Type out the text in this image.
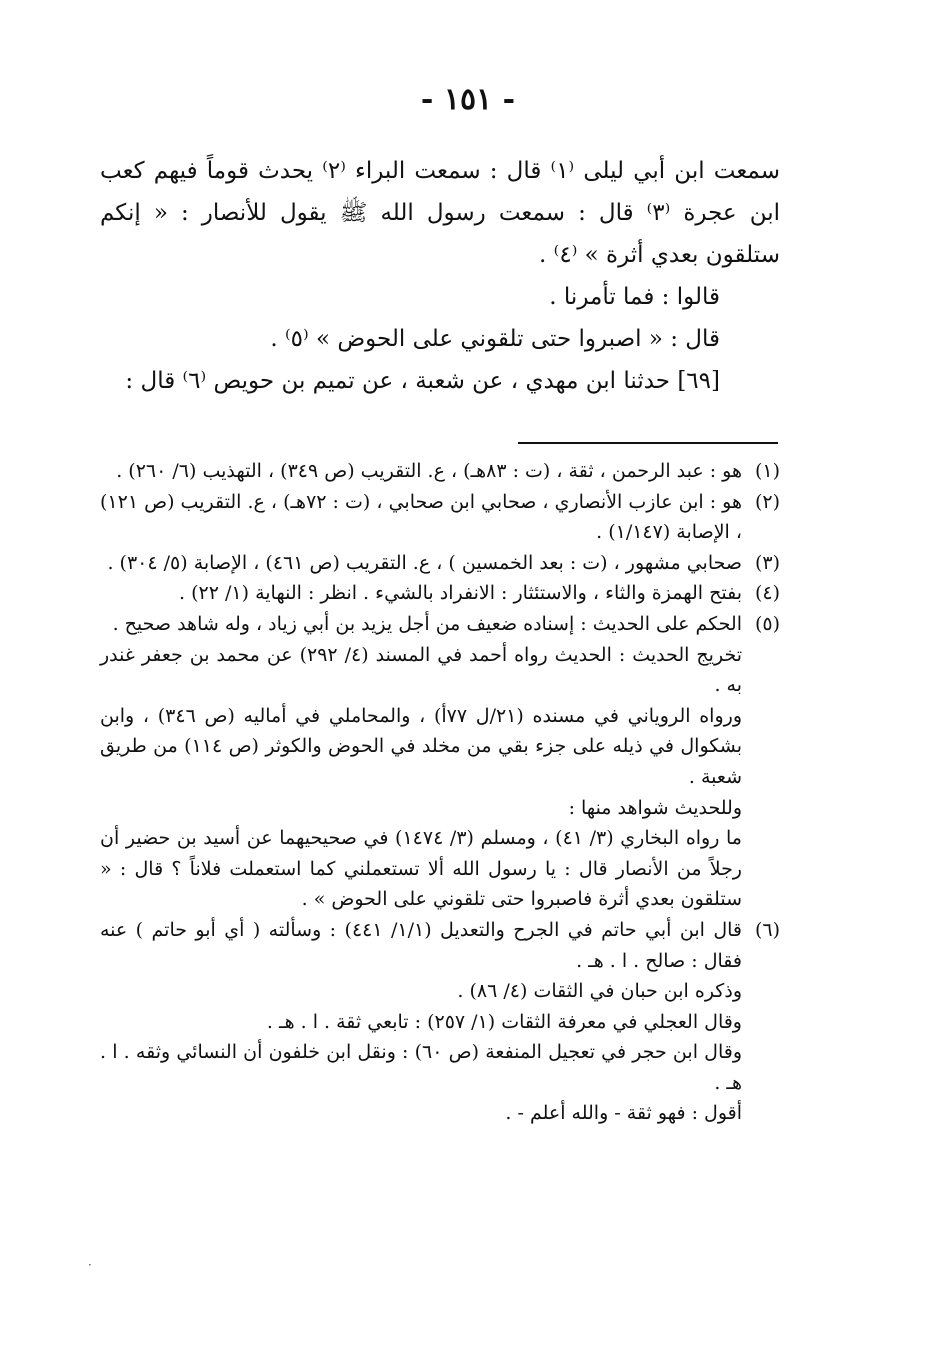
- ١٥١ -

سمعت ابن أبي ليلى ⁽١⁾ قال : سمعت البراء ⁽٢⁾ يحدث قوماً فيهم كعب ابن عجرة ⁽٣⁾ قال : سمعت رسول الله ﷺ يقول للأنصار : « إنكم ستلقون بعدي أثرة » ⁽٤⁾ .

قالوا : فما تأمرنا .

قال : « اصبروا حتى تلقوني على الحوض » ⁽٥⁾ .

[٦٩] حدثنا ابن مهدي ، عن شعبة ، عن تميم بن حويص ⁽٦⁾ قال :

(١)

هو : عبد الرحمن ، ثقة ، (ت : ٨٣هـ) ، ع. التقريب (ص ٣٤٩) ، التهذيب (٦/ ٢٦٠) .

(٢)

هو : ابن عازب الأنصاري ، صحابي ابن صحابي ، (ت : ٧٢هـ) ، ع. التقريب (ص ١٢١) ، الإصابة (١/١٤٧) .

(٣)

صحابي مشهور ، (ت : بعد الخمسين ) ، ع. التقريب (ص ٤٦١) ، الإصابة (٥/ ٣٠٤) .

(٤)

بفتح الهمزة والثاء ، والاستئثار : الانفراد بالشيء . انظر : النهاية (١/ ٢٢) .

(٥)

الحكم على الحديث : إسناده ضعيف من أجل يزيد بن أبي زياد ، وله شاهد صحيح .

تخريج الحديث : الحديث رواه أحمد في المسند (٤/ ٢٩٢) عن محمد بن جعفر غندر به .

ورواه الروياني في مسنده (٢١/ل ٧٧أ) ، والمحاملي في أماليه (ص ٣٤٦) ، وابن بشكوال في ذيله على جزء بقي من مخلد في الحوض والكوثر (ص ١١٤) من طريق شعبة .

وللحديث شواهد منها :

ما رواه البخاري (٣/ ٤١) ، ومسلم (٣/ ١٤٧٤) في صحيحيهما عن أسيد بن حضير أن رجلاً من الأنصار قال : يا رسول الله ألا تستعملني كما استعملت فلاناً ؟ قال : « ستلقون بعدي أثرة فاصبروا حتى تلقوني على الحوض » .

(٦)

قال ابن أبي حاتم في الجرح والتعديل (١/١/ ٤٤١) : وسألته ( أي أبو حاتم ) عنه فقال : صالح . ا . هـ .

وذكره ابن حبان في الثقات (٤/ ٨٦) .

وقال العجلي في معرفة الثقات (١/ ٢٥٧) : تابعي ثقة . ا . هـ .

وقال ابن حجر في تعجيل المنفعة (ص ٦٠) : ونقل ابن خلفون أن النسائي وثقه . ا . هـ .

أقول : فهو ثقة - والله أعلم - .

·
